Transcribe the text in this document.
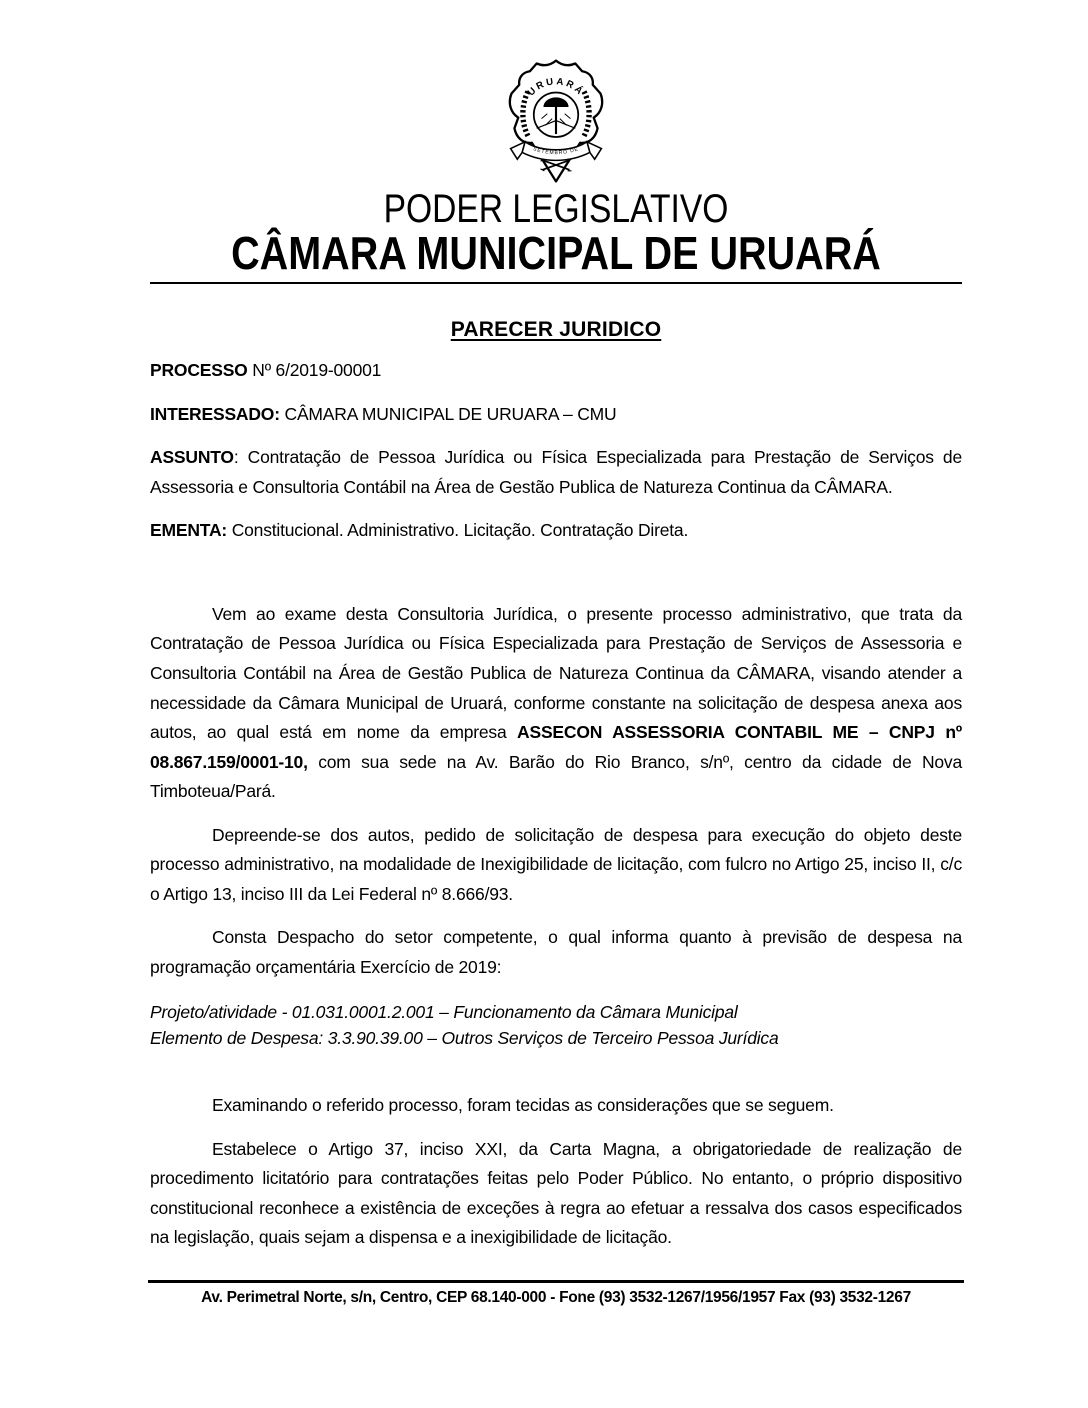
URUARÁ
SETEMBRO DE
PODER LEGISLATIVO
CÂMARA MUNICIPAL DE URUARÁ
PARECER JURIDICO

PROCESSO Nº 6/2019-00001

INTERESSADO: CÂMARA MUNICIPAL DE URUARA – CMU

ASSUNTO: Contratação de Pessoa Jurídica ou Física Especializada para Prestação de Serviços de Assessoria e Consultoria Contábil na Área de Gestão Publica de Natureza Continua da CÂMARA.

EMENTA: Constitucional. Administrativo. Licitação. Contratação Direta.

Vem ao exame desta Consultoria Jurídica, o presente processo administrativo, que trata da Contratação de Pessoa Jurídica ou Física Especializada para Prestação de Serviços de Assessoria e Consultoria Contábil na Área de Gestão Publica de Natureza Continua da CÂMARA, visando atender a necessidade da Câmara Municipal de Uruará, conforme constante na solicitação de despesa anexa aos autos, ao qual está em nome da empresa ASSECON ASSESSORIA CONTABIL ME – CNPJ nº 08.867.159/0001-10, com sua sede na Av. Barão do Rio Branco, s/nº, centro da cidade de Nova Timboteua/Pará.

Depreende-se dos autos, pedido de solicitação de despesa para execução do objeto deste processo administrativo, na modalidade de Inexigibilidade de licitação, com fulcro no Artigo 25, inciso II, c/c o Artigo 13, inciso III da Lei Federal nº 8.666/93.

Consta Despacho do setor competente, o qual informa quanto à previsão de despesa na programação orçamentária Exercício de 2019:

Projeto/atividade - 01.031.0001.2.001 – Funcionamento da Câmara Municipal
Elemento de Despesa: 3.3.90.39.00 – Outros Serviços de Terceiro Pessoa Jurídica

Examinando o referido processo, foram tecidas as considerações que se seguem.

Estabelece o Artigo 37, inciso XXI, da Carta Magna, a obrigatoriedade de realização de procedimento licitatório para contratações feitas pelo Poder Público. No entanto, o próprio dispositivo constitucional reconhece a existência de exceções à regra ao efetuar a ressalva dos casos especificados na legislação, quais sejam a dispensa e a inexigibilidade de licitação.

Av. Perimetral Norte, s/n, Centro, CEP 68.140-000 - Fone (93) 3532-1267/1956/1957 Fax (93) 3532-1267
